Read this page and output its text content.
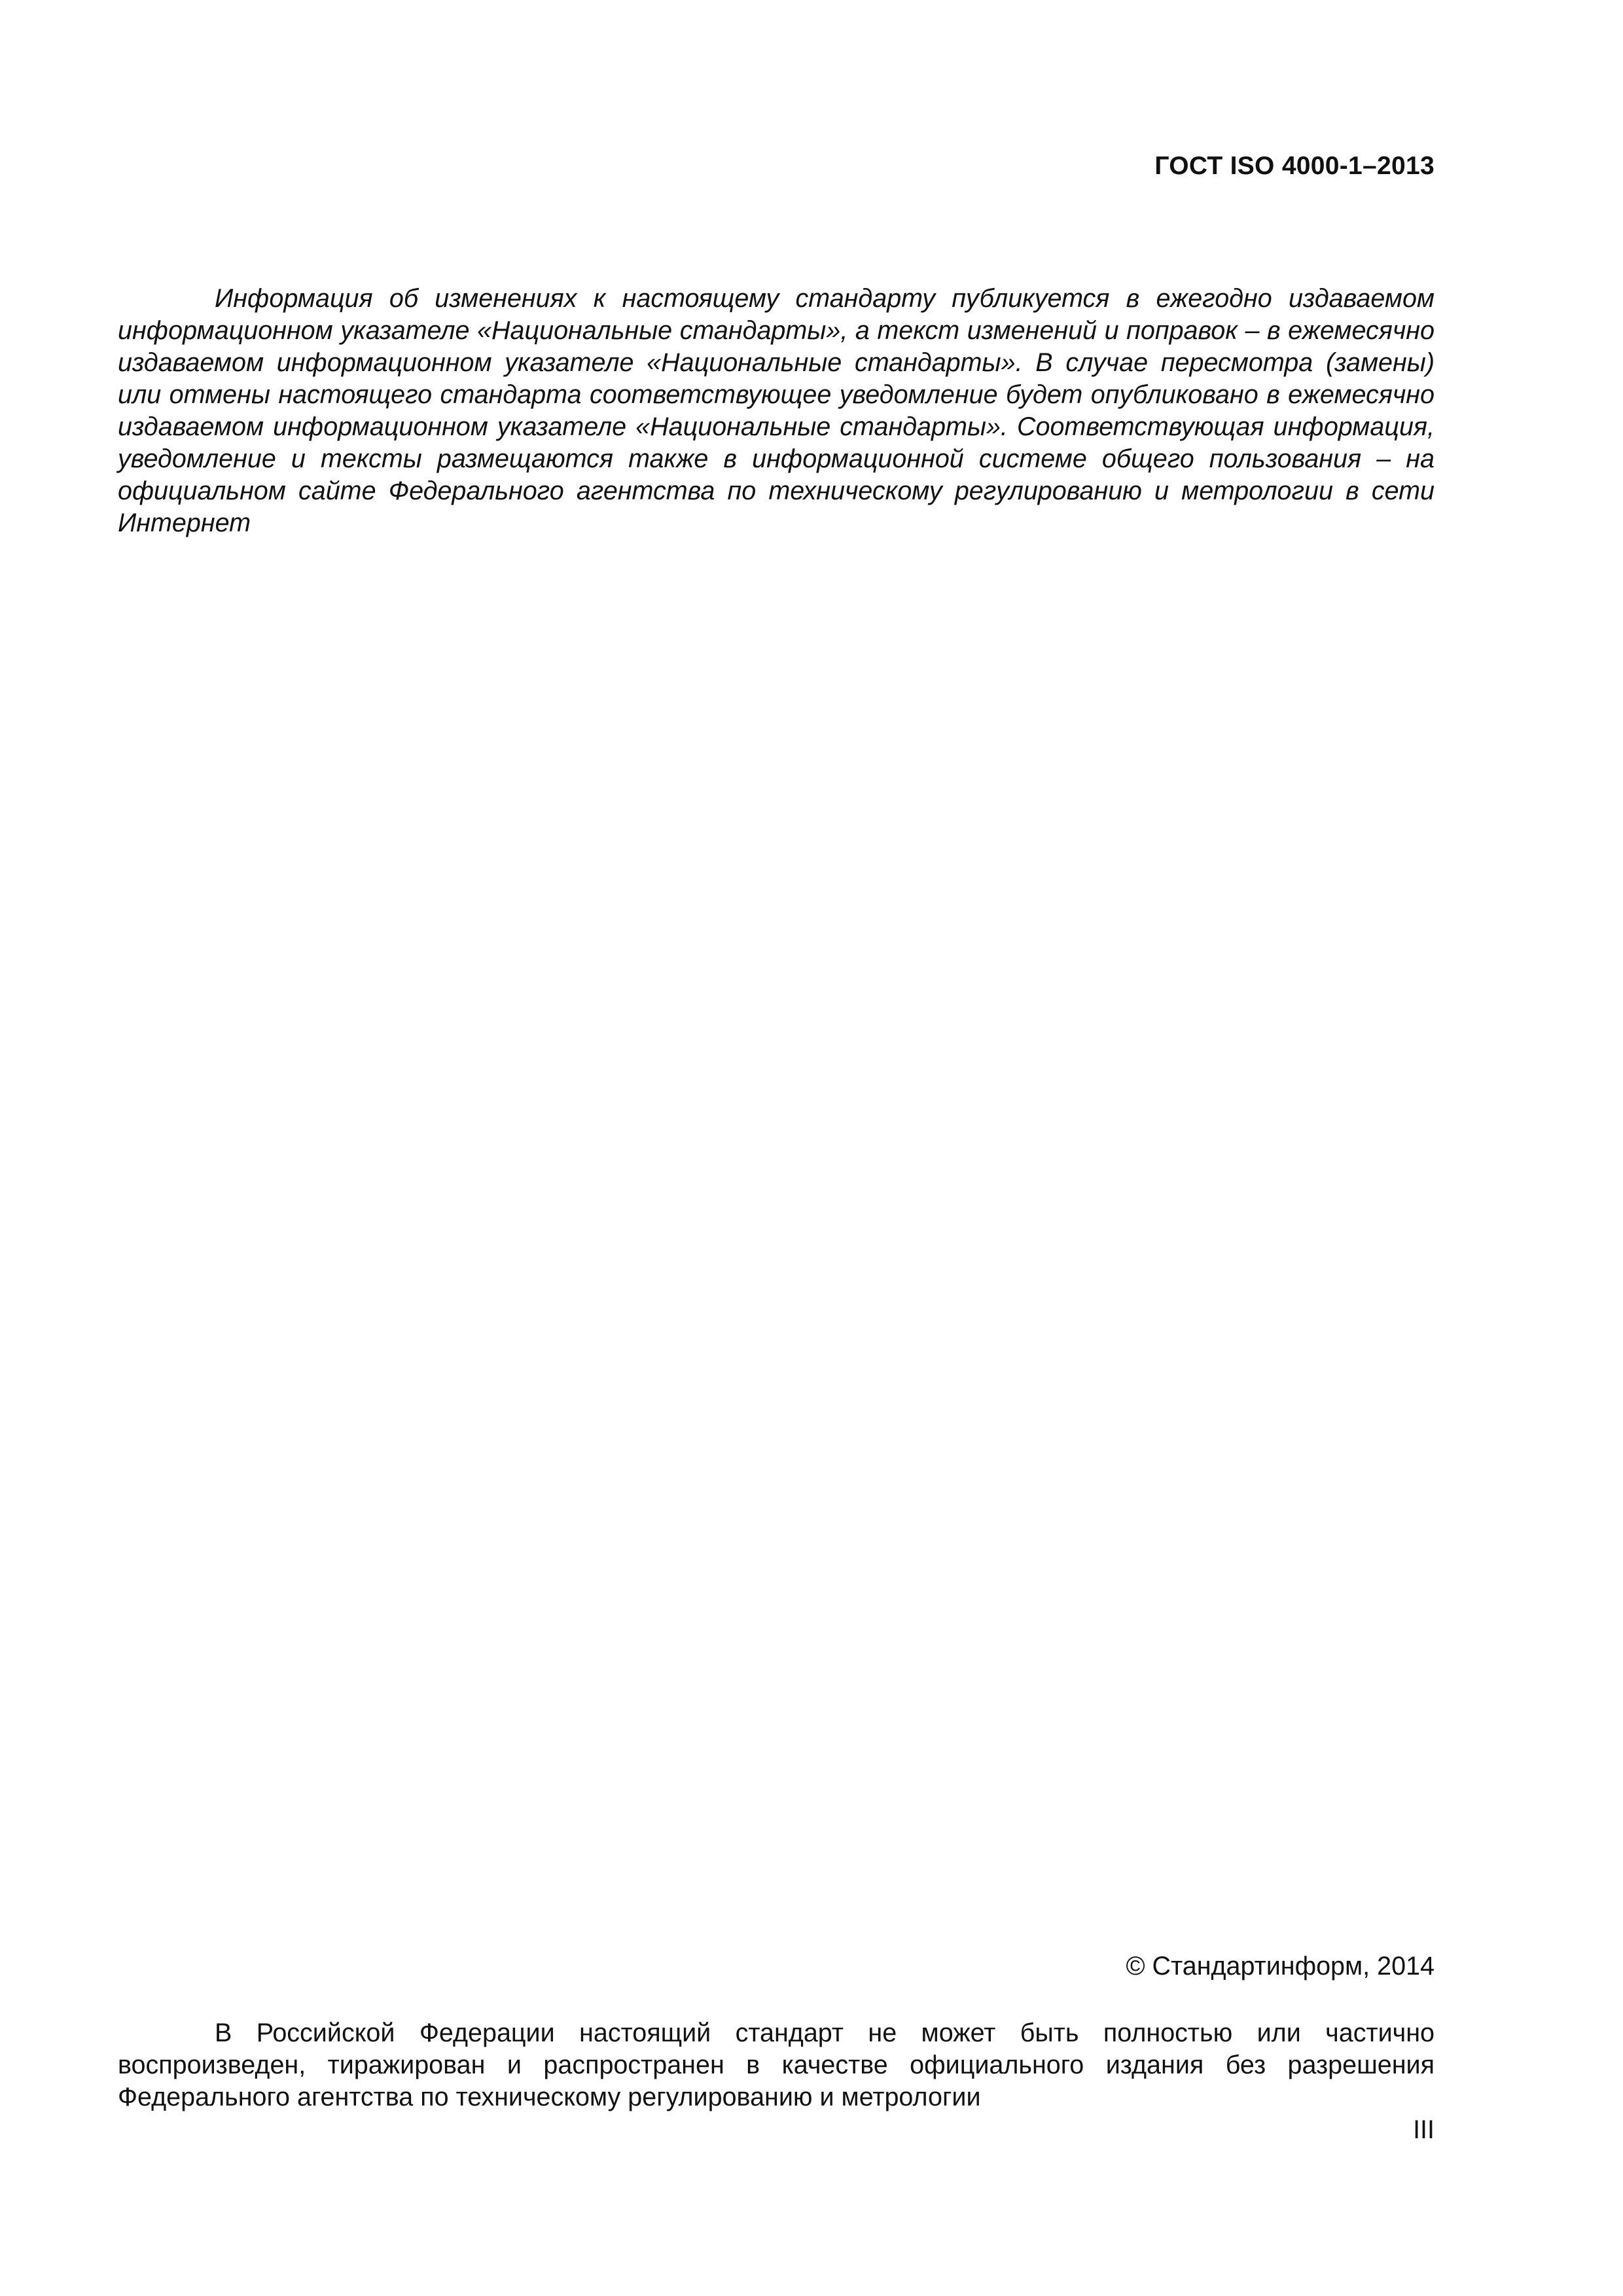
ГОСТ ISO 4000-1–2013

Информация об изменениях к настоящему стандарту публикуется в ежегодно издаваемом информационном указателе «Национальные стандарты», а текст изменений и поправок – в ежемесячно издаваемом информационном указателе «Национальные стандарты». В случае пересмотра (замены) или отмены настоящего стандарта соответствующее уведомление будет опубликовано в ежемесячно издаваемом информационном указателе «Национальные стандарты». Соответствующая информация, уведомление и тексты размещаются также в информационной системе общего пользования – на официальном сайте Федерального агентства по техническому регулированию и метрологии в сети Интернет

© Стандартинформ, 2014

В Российской Федерации настоящий стандарт не может быть полностью или частично воспроизведен, тиражирован и распространен в качестве официального издания без разрешения Федерального агентства по техническому регулированию и метрологии

III
